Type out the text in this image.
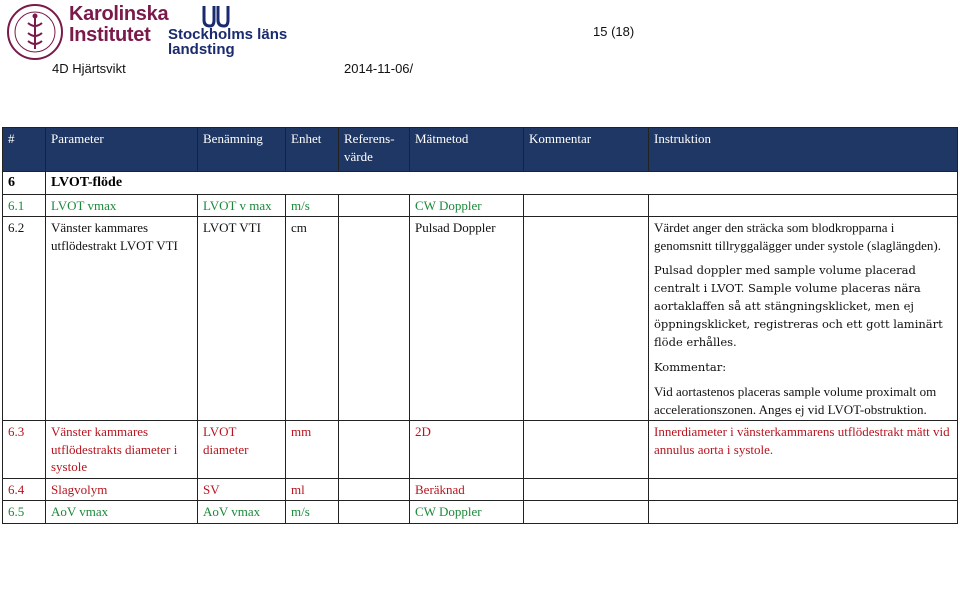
Karolinska
Institutet	Stockholms läns
landsting
15 (18)
4D Hjärtsvikt	2014-11-06/
#	Parameter	Benämning	Enhet	Referens-värde	Mätmetod	Kommentar	Instruktion
6	LVOT-flöde						
6.1	LVOT vmax	LVOT v max	m/s		CW Doppler		
6.2	Vänster kammares utflödestrakt LVOT VTI	LVOT VTI	cm		Pulsad Doppler		Värdet anger den sträcka som blodkropparna i genomsnitt tillryggalägger under systole (slaglängden).

Pulsad doppler med sample volume placerad centralt i LVOT. Sample volume placeras nära aortaklaffen så att stängningsklicket, men ej öppningsklicket, registreras och ett gott laminärt flöde erhålles.

Kommentar:

Vid aortastenos placeras sample volume proximalt om accelerationszonen. Anges ej vid LVOT-obstruktion.

6.3	Vänster kammares utflödestrakts diameter i systole	LVOT diameter	mm		2D		Innerdiameter i vänsterkammarens utflödestrakt mätt vid annulus aorta i systole.
6.4	Slagvolym	SV	ml		Beräknad		
6.5	AoV vmax	AoV vmax	m/s		CW Doppler		
